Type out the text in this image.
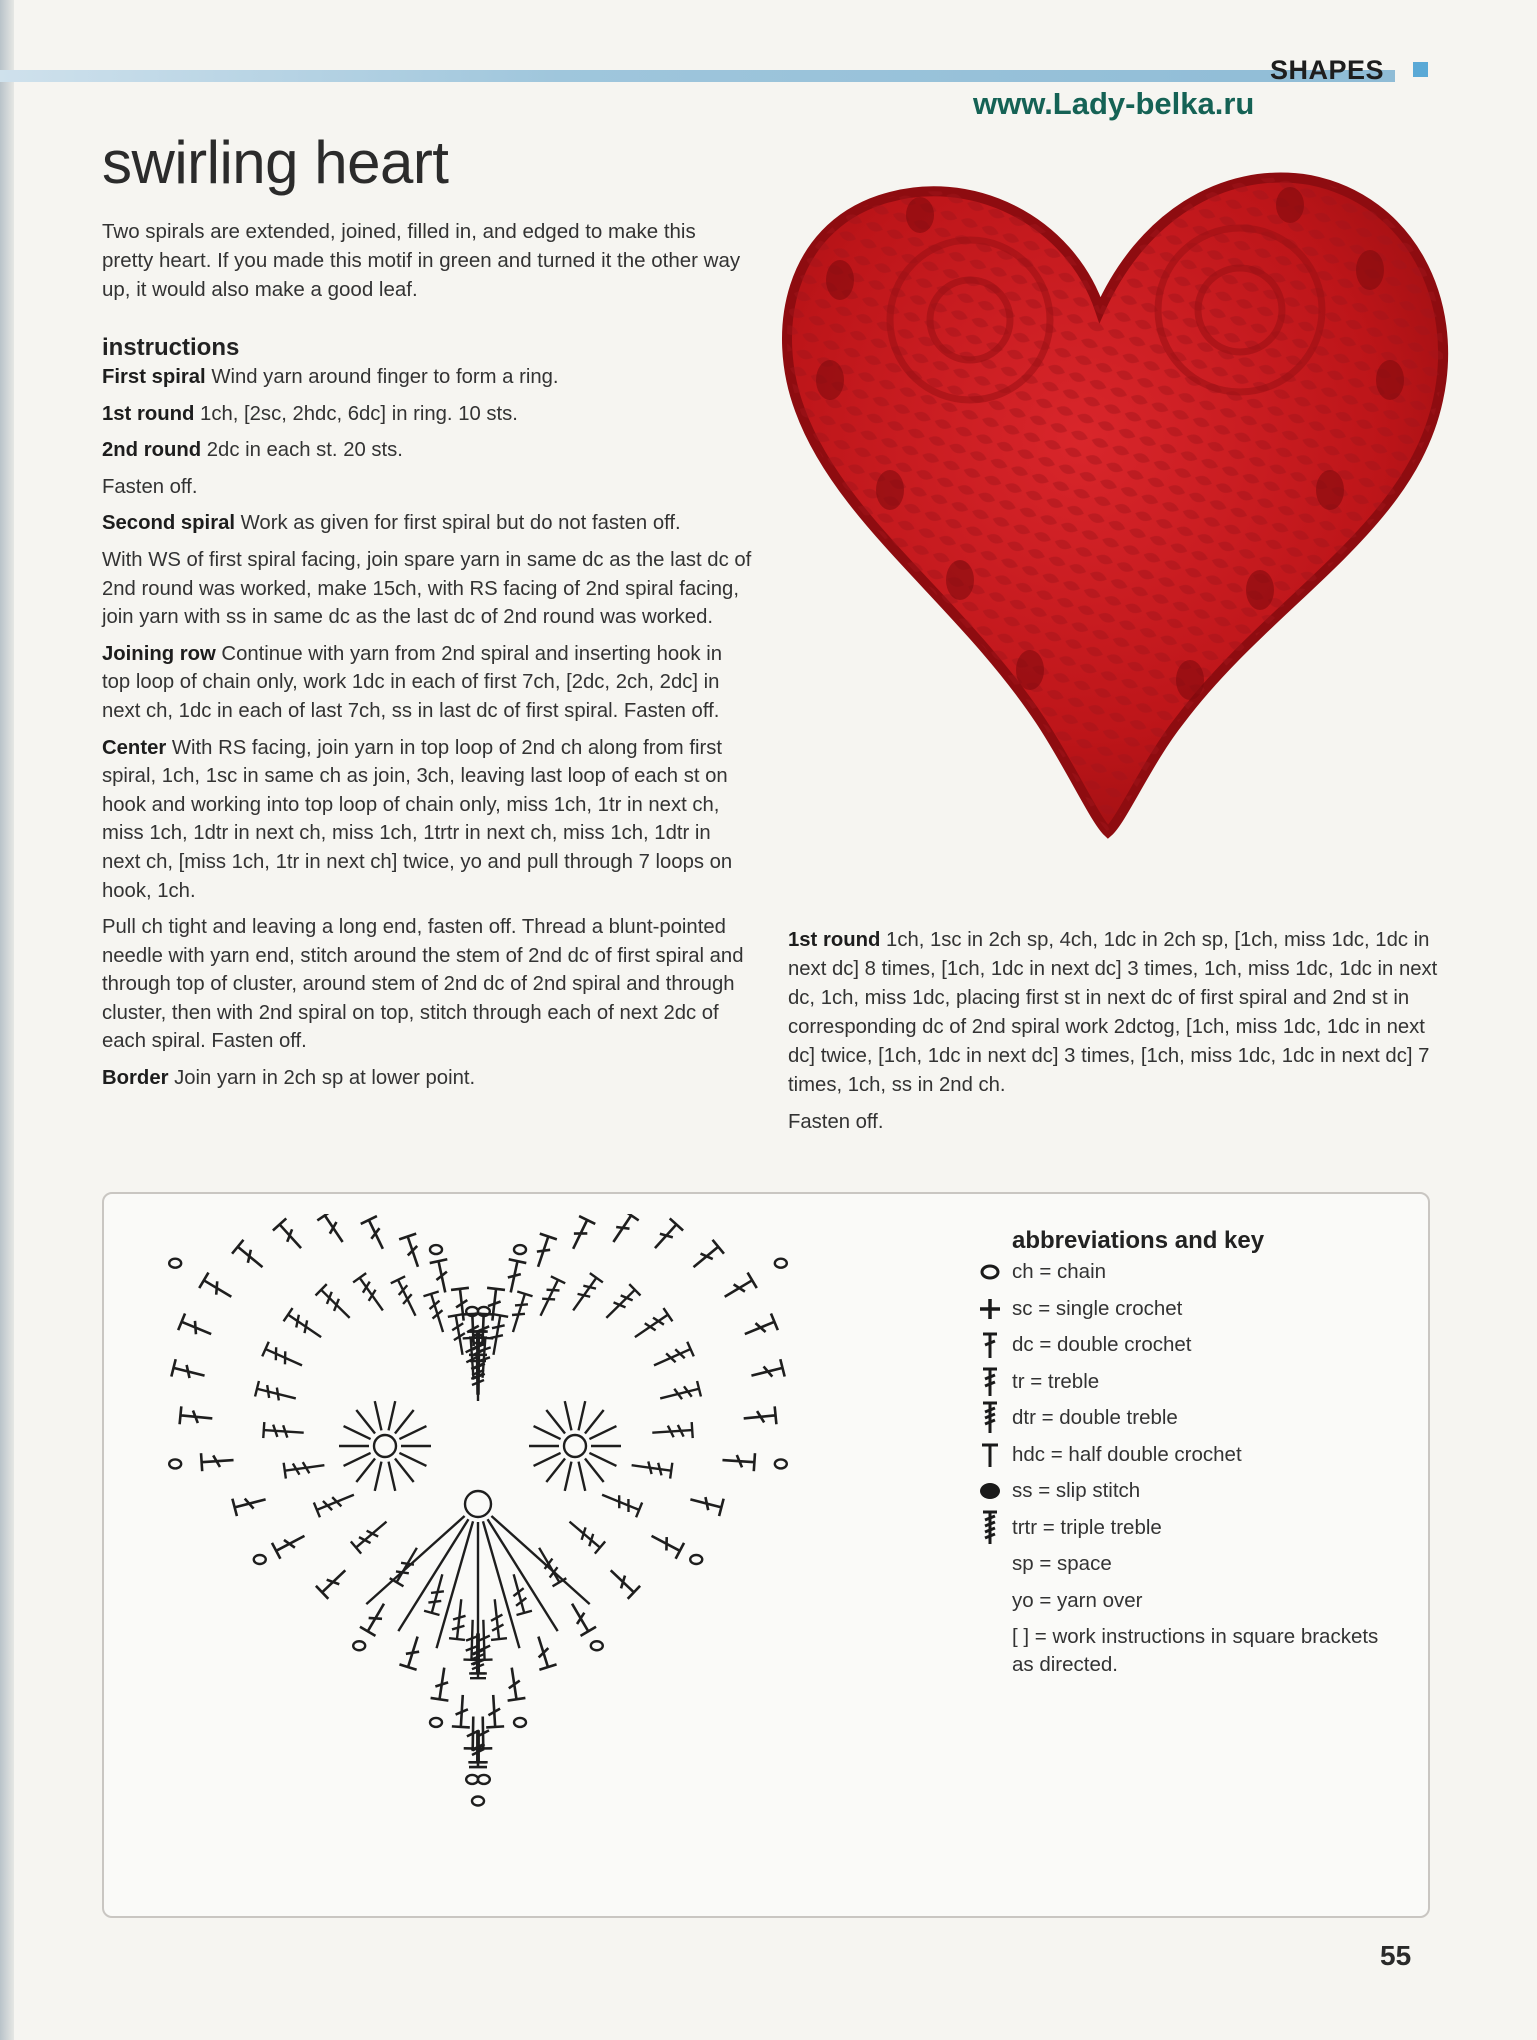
SHAPES
www.Lady-belka.ru
swirling heart

Two spirals are extended, joined, filled in, and edged to make this pretty heart. If you made this motif in green and turned it the other way up, it would also make a good leaf.

instructions

First spiral Wind yarn around finger to form a ring.

1st round 1ch, [2sc, 2hdc, 6dc] in ring. 10 sts.

2nd round 2dc in each st. 20 sts.

Fasten off.

Second spiral Work as given for first spiral but do not fasten off.

With WS of first spiral facing, join spare yarn in same dc as the last dc of 2nd round was worked, make 15ch, with RS facing of 2nd spiral facing, join yarn with ss in same dc as the last dc of 2nd round was worked.

Joining row Continue with yarn from 2nd spiral and inserting hook in top loop of chain only, work 1dc in each of first 7ch, [2dc, 2ch, 2dc] in next ch, 1dc in each of last 7ch, ss in last dc of first spiral. Fasten off.

Center With RS facing, join yarn in top loop of 2nd ch along from first spiral, 1ch, 1sc in same ch as join, 3ch, leaving last loop of each st on hook and working into top loop of chain only, miss 1ch, 1tr in next ch, miss 1ch, 1dtr in next ch, miss 1ch, 1trtr in next ch, miss 1ch, 1dtr in next ch, [miss 1ch, 1tr in next ch] twice, yo and pull through 7 loops on hook, 1ch.

Pull ch tight and leaving a long end, fasten off. Thread a blunt-pointed needle with yarn end, stitch around the stem of 2nd dc of first spiral and through top of cluster, around stem of 2nd dc of 2nd spiral and through cluster, then with 2nd spiral on top, stitch through each of next 2dc of each spiral. Fasten off.

Border Join yarn in 2ch sp at lower point.

1st round 1ch, 1sc in 2ch sp, 4ch, 1dc in 2ch sp, [1ch, miss 1dc, 1dc in next dc] 8 times, [1ch, 1dc in next dc] 3 times, 1ch, miss 1dc, 1dc in next dc, 1ch, miss 1dc, placing first st in next dc of first spiral and 2nd st in corresponding dc of 2nd spiral work 2dctog, [1ch, miss 1dc, 1dc in next dc] twice, [1ch, 1dc in next dc] 3 times, [1ch, miss 1dc, 1dc in next dc] 7 times, 1ch, ss in 2nd ch.

Fasten off.

abbreviations and key
ch = chain
sc = single crochet
dc = double crochet
tr = treble
dtr = double treble
hdc = half double crochet
ss = slip stitch
trtr = triple treble
sp = space
yo = yarn over
[ ] = work instructions in square brackets as directed.
55
